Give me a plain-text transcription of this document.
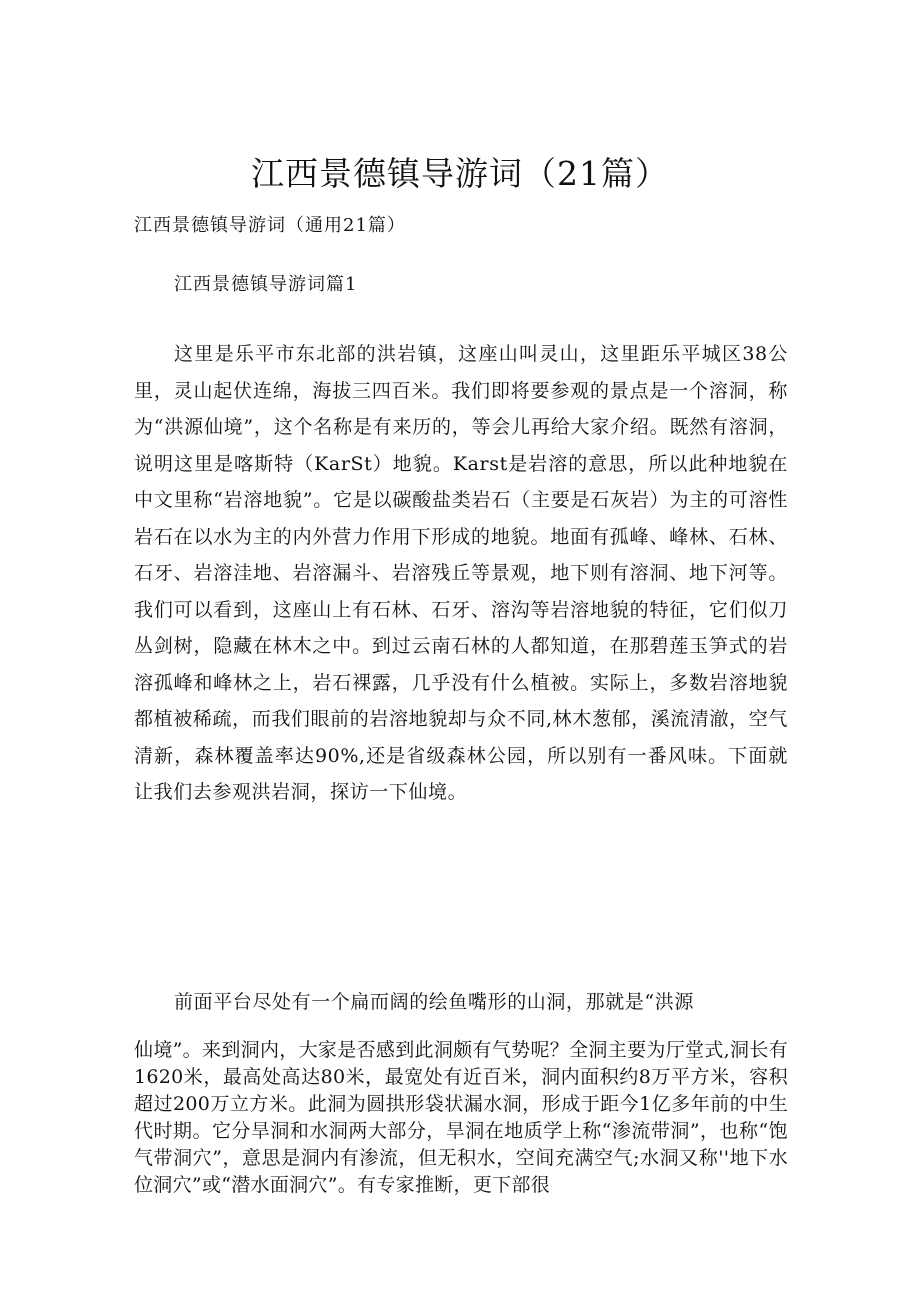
江西景德镇导游词（21篇）

江西景德镇导游词（通用21篇）

江西景德镇导游词篇1

这里是乐平市东北部的洪岩镇，这座山叫灵山，这里距乐平城区38公里，灵山起伏连绵，海拔三四百米。我们即将要参观的景点是一个溶洞，称为“洪源仙境”，这个名称是有来历的，等会儿再给大家介绍。既然有溶洞，说明这里是喀斯特（KarSt）地貌。Karst是岩溶的意思，所以此种地貌在中文里称“岩溶地貌”。它是以碳酸盐类岩石（主要是石灰岩）为主的可溶性岩石在以水为主的内外营力作用下形成的地貌。地面有孤峰、峰林、石林、石牙、岩溶洼地、岩溶漏斗、岩溶残丘等景观，地下则有溶洞、地下河等。我们可以看到，这座山上有石林、石牙、溶沟等岩溶地貌的特征，它们似刀丛剑树，隐藏在林木之中。到过云南石林的人都知道，在那碧莲玉笋式的岩溶孤峰和峰林之上，岩石裸露，几乎没有什么植被。实际上，多数岩溶地貌都植被稀疏，而我们眼前的岩溶地貌却与众不同,林木葱郁，溪流清澈，空气清新，森林覆盖率达90%,还是省级森林公园，所以别有一番风味。下面就让我们去参观洪岩洞，探访一下仙境。

前面平台尽处有一个扁而阔的绘鱼嘴形的山洞，那就是“洪源

仙境”。来到洞内，大家是否感到此洞颇有气势呢？全洞主要为厅堂式,洞长有1620米，最高处高达80米，最宽处有近百米，洞内面积约8万平方米，容积超过200万立方米。此洞为圆拱形袋状漏水洞，形成于距今1亿多年前的中生代时期。它分旱洞和水洞两大部分，旱洞在地质学上称“渗流带洞”，也称“饱气带洞穴”，意思是洞内有渗流，但无积水，空间充满空气;水洞又称''地下水位洞穴”或“潜水面洞穴”。有专家推断，更下部很
